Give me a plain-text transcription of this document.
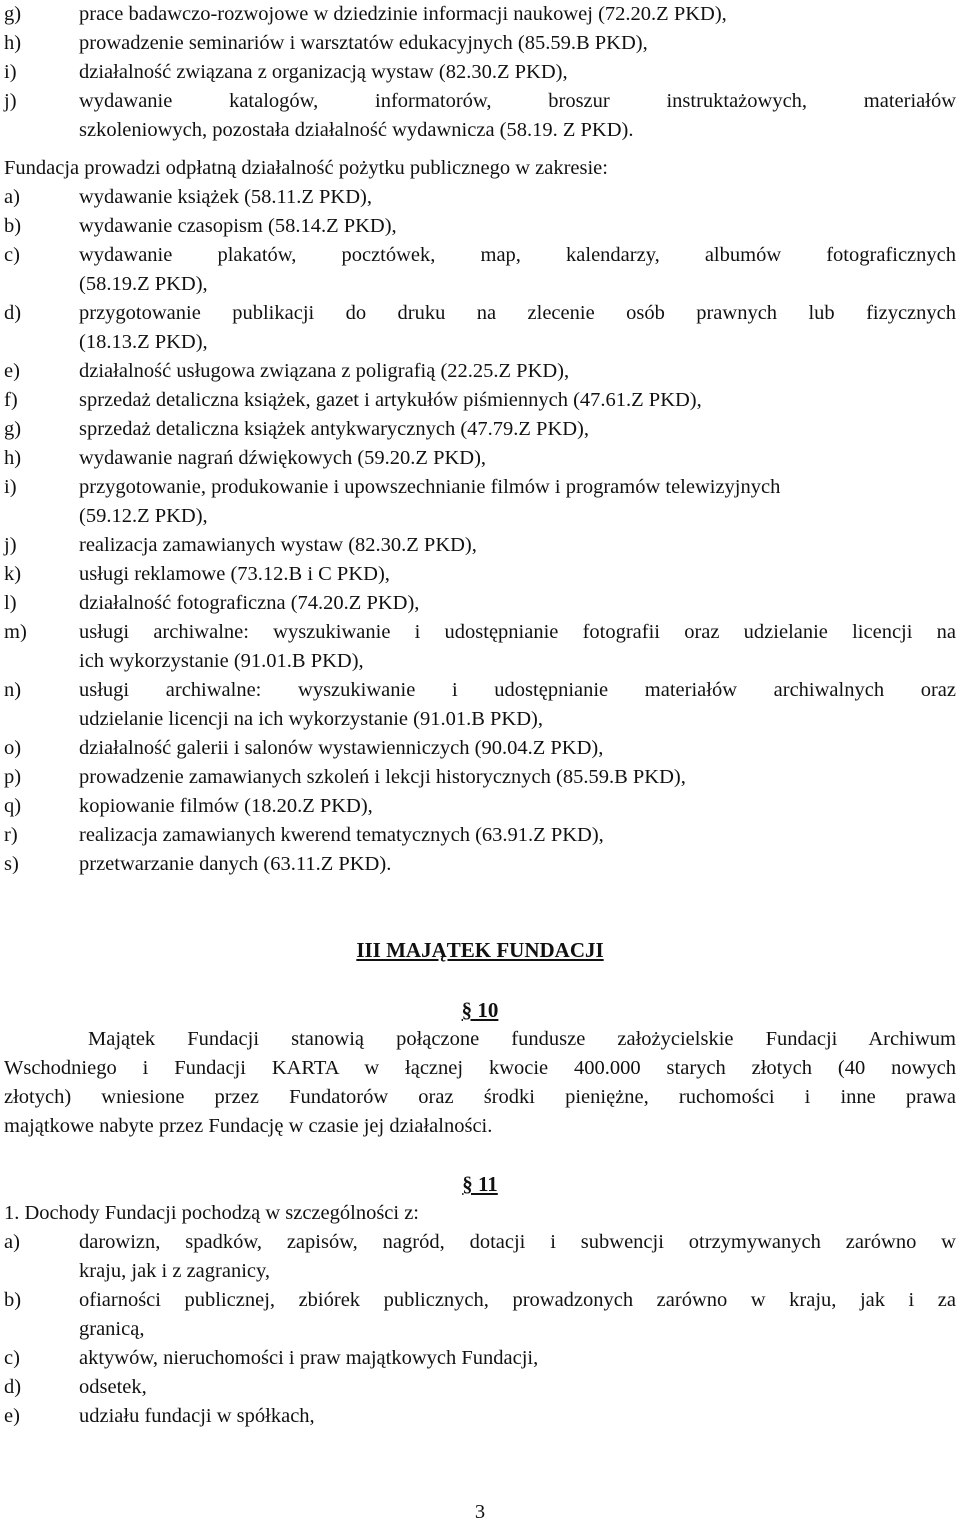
g)	prace badawczo-rozwojowe w dziedzinie informacji naukowej (72.20.Z PKD),
h)	prowadzenie seminariów i warsztatów edukacyjnych (85.59.B PKD),
i)	działalność związana z organizacją wystaw (82.30.Z PKD),
j)	wydawanie katalogów, informatorów, broszur instruktażowych, materiałów
szkoleniowych, pozostała działalność wydawnicza (58.19. Z PKD).
Fundacja prowadzi odpłatną działalność pożytku publicznego w zakresie:
a)	wydawanie książek (58.11.Z PKD),
b)	wydawanie czasopism (58.14.Z PKD),
c)	wydawanie plakatów, pocztówek, map, kalendarzy, albumów fotograficznych
(58.19.Z PKD),
d)	przygotowanie publikacji do druku na zlecenie osób prawnych lub fizycznych
(18.13.Z PKD),
e)	działalność usługowa związana z poligrafią (22.25.Z PKD),
f)	sprzedaż detaliczna książek, gazet i artykułów piśmiennych (47.61.Z PKD),
g)	sprzedaż detaliczna książek antykwarycznych (47.79.Z PKD),
h)	wydawanie nagrań dźwiękowych (59.20.Z PKD),
i)	przygotowanie, produkowanie i upowszechnianie filmów i programów telewizyjnych
(59.12.Z PKD),
j)	realizacja zamawianych wystaw (82.30.Z PKD),
k)	usługi reklamowe (73.12.B i C PKD),
l)	działalność fotograficzna (74.20.Z PKD),
m)	usługi archiwalne: wyszukiwanie i udostępnianie fotografii oraz udzielanie licencji na
ich wykorzystanie (91.01.B PKD),
n)	usługi archiwalne: wyszukiwanie i udostępnianie materiałów archiwalnych oraz
udzielanie licencji na ich wykorzystanie (91.01.B PKD),
o)	działalność galerii i salonów wystawienniczych (90.04.Z PKD),
p)	prowadzenie zamawianych szkoleń i lekcji historycznych (85.59.B PKD),
q)	kopiowanie filmów (18.20.Z PKD),
r)	realizacja zamawianych kwerend tematycznych (63.91.Z PKD),
s)	przetwarzanie danych (63.11.Z PKD).
III MAJĄTEK FUNDACJI
§ 10
Majątek Fundacji stanowią połączone fundusze założycielskie Fundacji Archiwum
Wschodniego i Fundacji KARTA w łącznej kwocie 400.000 starych złotych (40 nowych
złotych) wniesione przez Fundatorów oraz środki pieniężne, ruchomości i inne prawa
majątkowe nabyte przez Fundację w czasie jej działalności.
§ 11
1. Dochody Fundacji pochodzą w szczególności z:
a)	darowizn, spadków, zapisów, nagród, dotacji i subwencji otrzymywanych zarówno w
kraju, jak i z zagranicy,
b)	ofiarności publicznej, zbiórek publicznych, prowadzonych zarówno w kraju, jak i za
granicą,
c)	aktywów, nieruchomości i praw majątkowych Fundacji,
d)	odsetek,
e)	udziału fundacji w spółkach,
3
